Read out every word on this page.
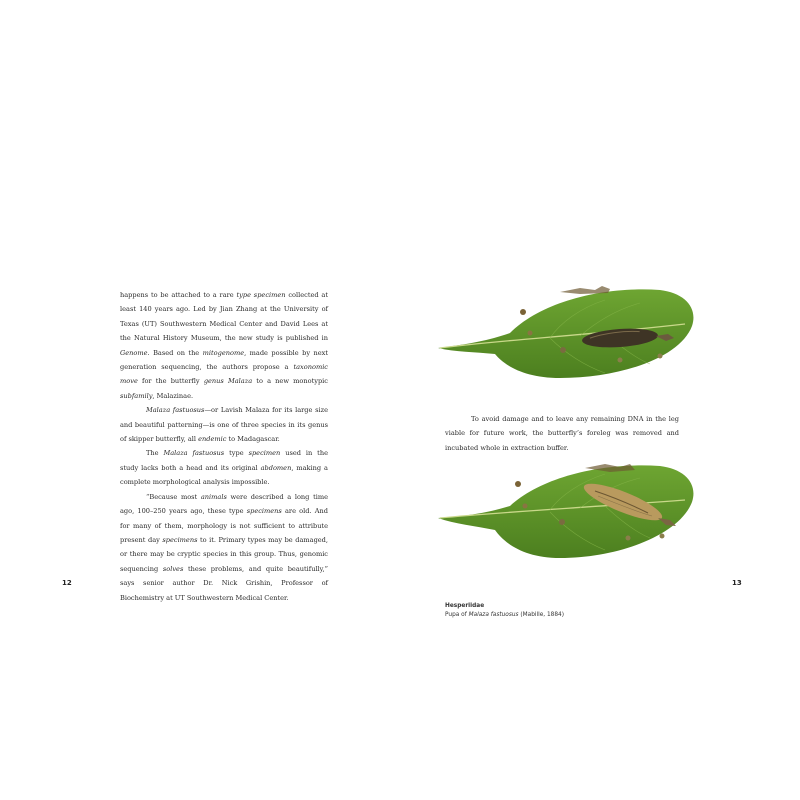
happens to be attached to a rare type specimen collected at least 140 years ago. Led by Jian Zhang at the University of Texas (UT) Southwestern Medical Center and David Lees at the Natural History Museum, the new study is published in Genome. Based on the mitogenome, made possible by next generation sequencing, the authors propose a taxonomic move for the butterfly genus Malaza to a new monotypic subfamily, Malazinae.

Malaza fastuosus—or Lavish Malaza for its large size and beautiful patterning—is one of three species in its genus of skipper butterfly, all endemic to Madagascar.

The Malaza fastuosus type specimen used in the study lacks both a head and its original abdomen, making a complete morphological analysis impossible.

“Because most animals were described a long time ago, 100–250 years ago, these type specimens are old. And for many of them, morphology is not sufficient to attribute present day specimens to it. Primary types may be damaged, or there may be cryptic species in this group. Thus, genomic sequencing solves these problems, and quite beautifully,” says senior author Dr. Nick Grishin, Professor of Biochemistry at UT Southwestern Medical Center.

12

To avoid damage and to leave any remaining DNA in the leg viable for future work, the butterfly’s foreleg was removed and incubated whole in extraction buffer.

Hesperiidae
Pupa of Malaza fastuosus (Mabille, 1884)
13
